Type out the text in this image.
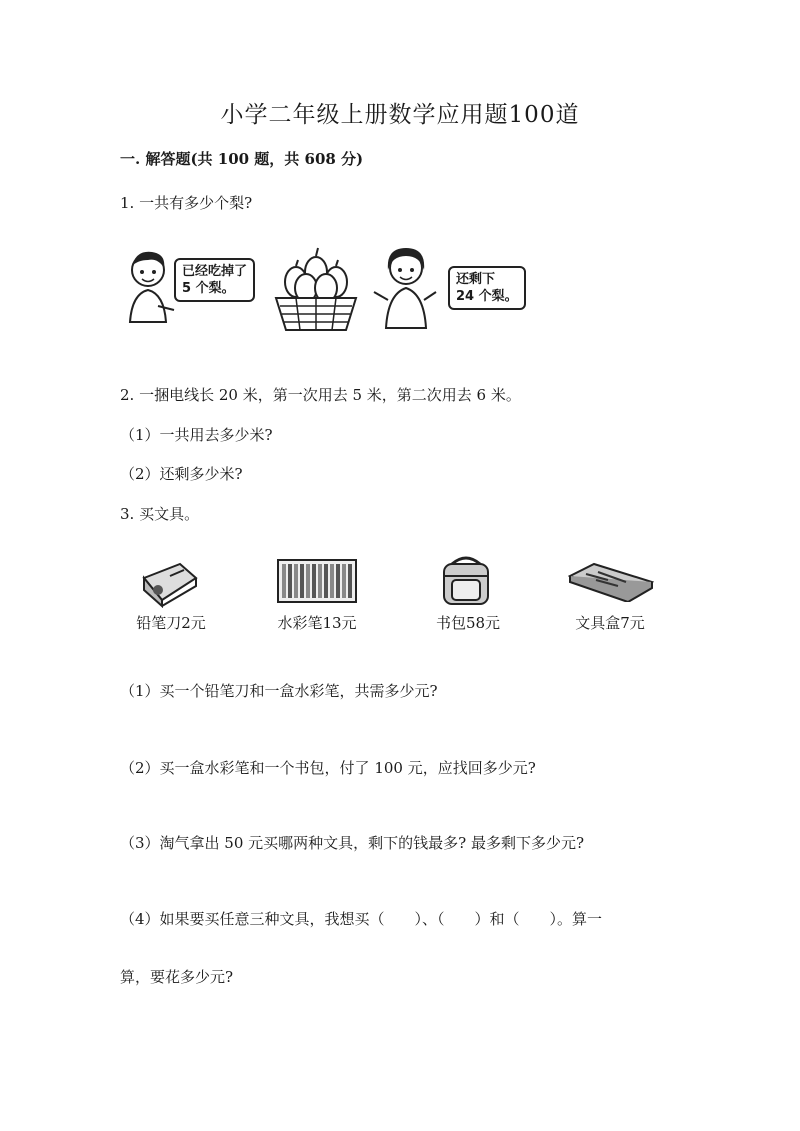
小学二年级上册数学应用题100道
一. 解答题(共 100 题，共 608 分)
1. 一共有多少个梨?
已经吃掉了
5 个梨。
还剩下
24 个梨。
2. 一捆电线长 20 米，第一次用去 5 米，第二次用去 6 米。
（1）一共用去多少米?
（2）还剩多少米?
3. 买文具。
铅笔刀2元	水彩笔13元	书包58元	文具盒7元
（1）买一个铅笔刀和一盒水彩笔，共需多少元?
（2）买一盒水彩笔和一个书包，付了 100 元，应找回多少元?
（3）淘气拿出 50 元买哪两种文具，剩下的钱最多? 最多剩下多少元?
（4）如果要买任意三种文具，我想买（　　）、（　　）和（　　）。算一
算，要花多少元?
